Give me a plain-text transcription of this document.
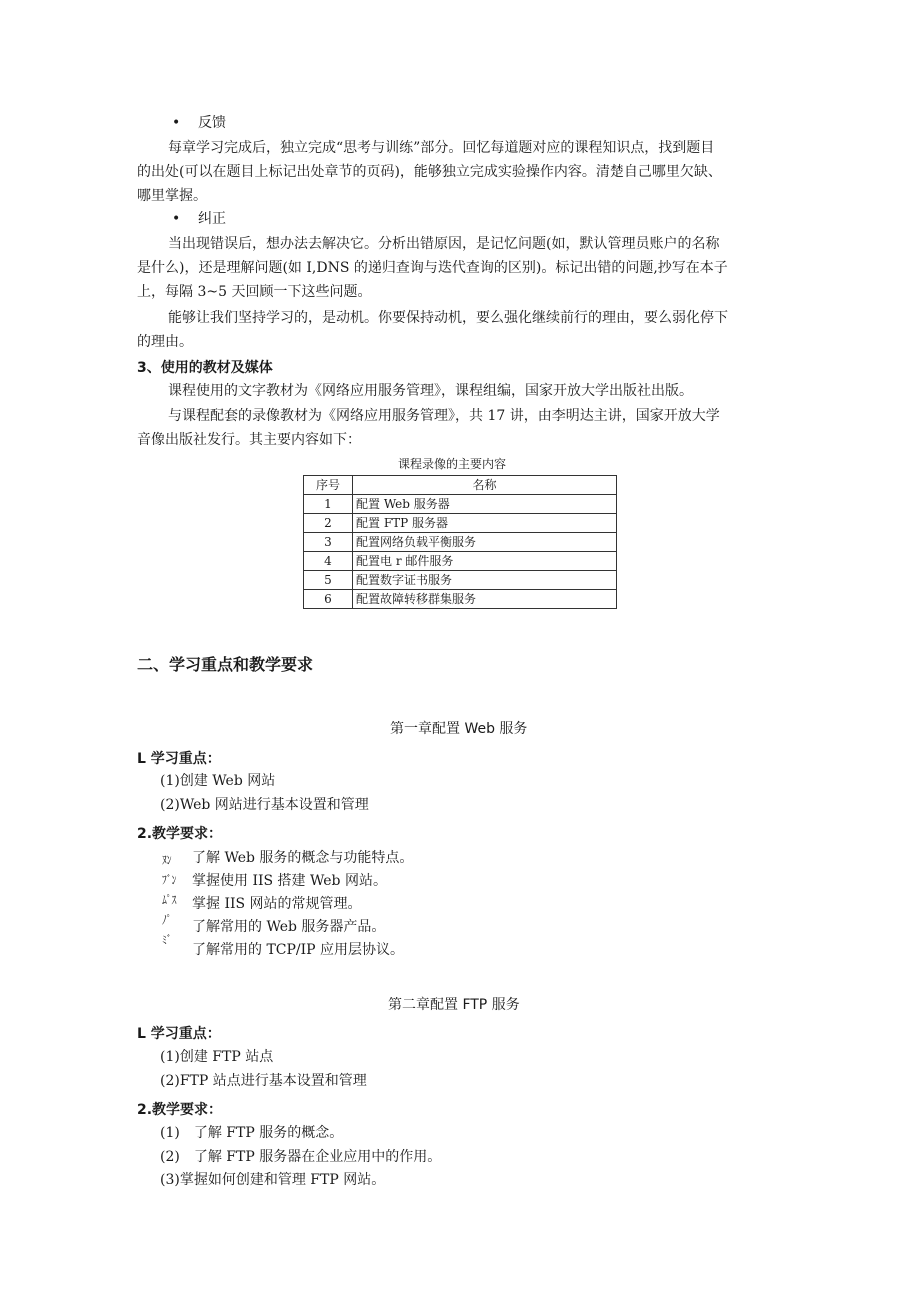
• 反馈
每章学习完成后，独立完成“思考与训练”部分。回忆每道题对应的课程知识点，找到题目
的出处(可以在题目上标记出处章节的页码)，能够独立完成实验操作内容。清楚自己哪里欠缺、
哪里掌握。
• 纠正
当出现错误后，想办法去解决它。分析出错原因，是记忆问题(如，默认管理员账户的名称
是什么)，还是理解问题(如 I,DNS 的递归查询与迭代查询的区别)。标记出错的问题,抄写在本子
上，每隔 3~5 天回顾一下这些问题。
能够让我们坚持学习的，是动机。你要保持动机，要么强化继续前行的理由，要么弱化停下
的理由。
3、使用的教材及媒体
课程使用的文字教材为《网络应用服务管理》，课程组编，国家开放大学出版社出版。
与课程配套的录像教材为《网络应用服务管理》，共 17 讲，由李明达主讲，国家开放大学
音像出版社发行。其主要内容如下：
课程录像的主要内容
序号	名称
1	配置 Web 服务器
2	配置 FTP 服务器
3	配置网络负载平衡服务
4	配置电 r 邮件服务
5	配置数字证书服务
6	配置故障转移群集服务
二、学习重点和教学要求
第一章配置 Web 服务
L 学习重点：
(1)创建 Web 网站
(2)Web 网站进行基本设置和管理
2.教学要求：
ﾇﾝ
ﾌﾞﾝ
ﾑﾟｽ
ﾉﾟ
ﾐﾞ
了解 Web 服务的概念与功能特点。
掌握使用 IIS 搭建 Web 网站。
掌握 IIS 网站的常规管理。
了解常用的 Web 服务器产品。
了解常用的 TCP/IP 应用层协议。
第二章配置 FTP 服务
L 学习重点：
(1)创建 FTP 站点
(2)FTP 站点进行基本设置和管理
2.教学要求：
(1)　了解 FTP 服务的概念。
(2)　了解 FTP 服务器在企业应用中的作用。
(3)掌握如何创建和管理 FTP 网站。
